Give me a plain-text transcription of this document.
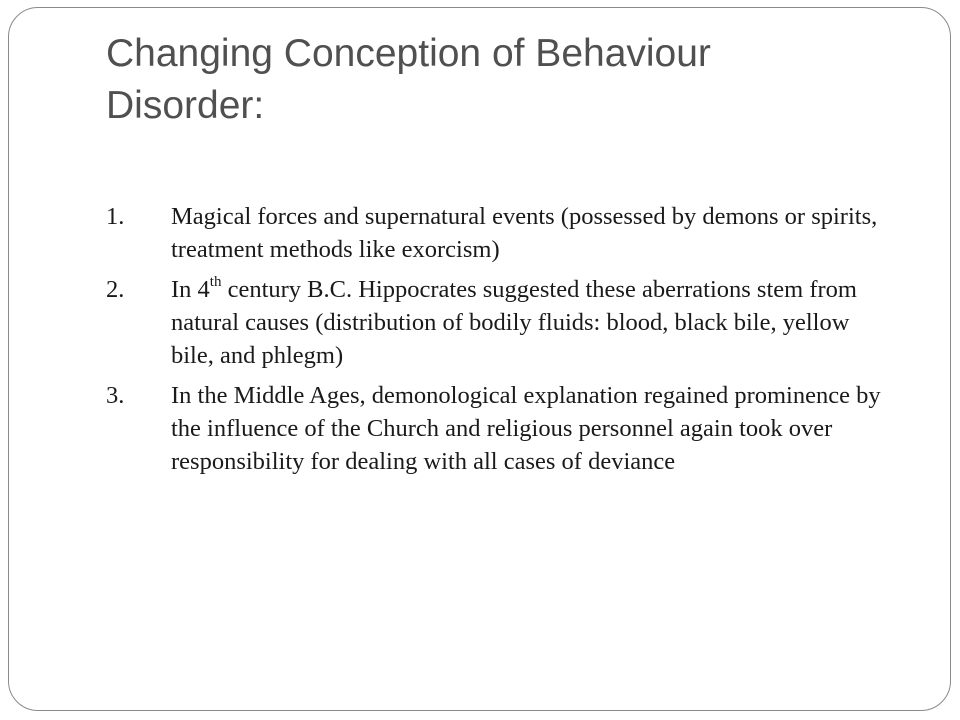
Changing Conception of Behaviour Disorder:
1. Magical forces and supernatural events (possessed by demons or spirits, treatment methods like exorcism)
2. In 4th century B.C. Hippocrates suggested these aberrations stem from natural causes (distribution of bodily fluids: blood, black bile, yellow bile, and phlegm)
3. In the Middle Ages, demonological explanation regained prominence by the influence of the Church and religious personnel again took over responsibility for dealing with all cases of deviance
